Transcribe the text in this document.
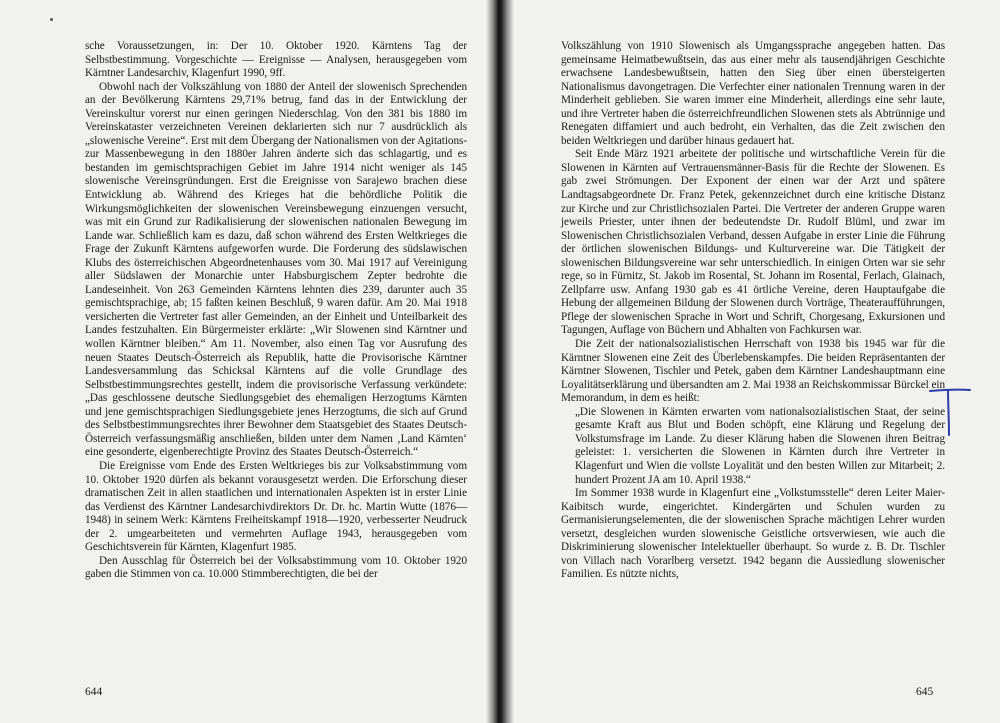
sche Voraussetzungen, in: Der 10. Oktober 1920. Kärntens Tag der Selbstbestimmung. Vorgeschichte — Ereignisse — Analysen, herausgegeben vom Kärntner Landesarchiv, Klagenfurt 1990, 9ff.

Obwohl nach der Volkszählung von 1880 der Anteil der slowenisch Sprechenden an der Bevölkerung Kärntens 29,71% betrug, fand das in der Entwicklung der Vereinskultur vorerst nur einen geringen Niederschlag. Von den 381 bis 1880 im Vereinskataster verzeichneten Vereinen deklarierten sich nur 7 ausdrücklich als „slowenische Vereine“. Erst mit dem Übergang der Nationalismen von der Agitations- zur Massenbewegung in den 1880er Jahren änderte sich das schlagartig, und es bestanden im gemischtsprachigen Gebiet im Jahre 1914 nicht weniger als 145 slowenische Vereinsgründungen. Erst die Ereignisse von Sarajewo brachen diese Entwicklung ab. Während des Krieges hat die behördliche Politik die Wirkungsmöglichkeiten der slowenischen Vereinsbewegung einzuengen versucht, was mit ein Grund zur Radikalisierung der slowenischen nationalen Bewegung im Lande war. Schließlich kam es dazu, daß schon während des Ersten Weltkrieges die Frage der Zukunft Kärntens aufgeworfen wurde. Die Forderung des südslawischen Klubs des österreichischen Abgeordnetenhauses vom 30. Mai 1917 auf Vereinigung aller Südslawen der Monarchie unter Habsburgischem Zepter bedrohte die Landeseinheit. Von 263 Gemeinden Kärntens lehnten dies 239, darunter auch 35 gemischtsprachige, ab; 15 faßten keinen Beschluß, 9 waren dafür. Am 20. Mai 1918 versicherten die Vertreter fast aller Gemeinden, an der Einheit und Unteilbarkeit des Landes festzuhalten. Ein Bürgermeister erklärte: „Wir Slowenen sind Kärntner und wollen Kärntner bleiben.“ Am 11. November, also einen Tag vor Ausrufung des neuen Staates Deutsch-Österreich als Republik, hatte die Provisorische Kärntner Landesversammlung das Schicksal Kärntens auf die volle Grundlage des Selbstbestimmungsrechtes gestellt, indem die provisorische Verfassung verkündete: „Das geschlossene deutsche Siedlungsgebiet des ehemaligen Herzogtums Kärnten und jene gemischtsprachigen Siedlungsgebiete jenes Herzogtums, die sich auf Grund des Selbstbestimmungsrechtes ihrer Bewohner dem Staatsgebiet des Staates Deutsch-Österreich verfassungsmäßig anschließen, bilden unter dem Namen ‚Land Kärnten‘ eine gesonderte, eigenberechtigte Provinz des Staates Deutsch-Österreich.“

Die Ereignisse vom Ende des Ersten Weltkrieges bis zur Volksabstimmung vom 10. Oktober 1920 dürfen als bekannt vorausgesetzt werden. Die Erforschung dieser dramatischen Zeit in allen staatlichen und internationalen Aspekten ist in erster Linie das Verdienst des Kärntner Landesarchivdirektors Dr. Dr. hc. Martin Wutte (1876—1948) in seinem Werk: Kärntens Freiheitskampf 1918—1920, verbesserter Neudruck der 2. umgearbeiteten und vermehrten Auflage 1943, herausgegeben vom Geschichtsverein für Kärnten, Klagenfurt 1985.

Den Ausschlag für Österreich bei der Volksabstimmung vom 10. Oktober 1920 gaben die Stimmen von ca. 10.000 Stimmberechtigten, die bei der

644

Volkszählung von 1910 Slowenisch als Umgangssprache angegeben hatten. Das gemeinsame Heimatbewußtsein, das aus einer mehr als tausendjährigen Geschichte erwachsene Landesbewußtsein, hatten den Sieg über einen übersteigerten Nationalismus davongetragen. Die Verfechter einer nationalen Trennung waren in der Minderheit geblieben. Sie waren immer eine Minderheit, allerdings eine sehr laute, und ihre Vertreter haben die österreichfreundlichen Slowenen stets als Abtrünnige und Renegaten diffamiert und auch bedroht, ein Verhalten, das die Zeit zwischen den beiden Weltkriegen und darüber hinaus gedauert hat.

Seit Ende März 1921 arbeitete der politische und wirtschaftliche Verein für die Slowenen in Kärnten auf Vertrauensmänner-Basis für die Rechte der Slowenen. Es gab zwei Strömungen. Der Exponent der einen war der Arzt und spätere Landtagsabgeordnete Dr. Franz Petek, gekennzeichnet durch eine kritische Distanz zur Kirche und zur Christlichsozialen Partei. Die Vertreter der anderen Gruppe waren jeweils Priester, unter ihnen der bedeutendste Dr. Rudolf Blüml, und zwar im Slowenischen Christlichsozialen Verband, dessen Aufgabe in erster Linie die Führung der örtlichen slowenischen Bildungs- und Kulturvereine war. Die Tätigkeit der slowenischen Bildungsvereine war sehr unterschiedlich. In einigen Orten war sie sehr rege, so in Fürnitz, St. Jakob im Rosental, St. Johann im Rosental, Ferlach, Glainach, Zellpfarre usw. Anfang 1930 gab es 41 örtliche Vereine, deren Hauptaufgabe die Hebung der allgemeinen Bildung der Slowenen durch Vorträge, Theateraufführungen, Pflege der slowenischen Sprache in Wort und Schrift, Chorgesang, Exkursionen und Tagungen, Auflage von Büchern und Abhalten von Fachkursen war.

Die Zeit der nationalsozialistischen Herrschaft von 1938 bis 1945 war für die Kärntner Slowenen eine Zeit des Überlebenskampfes. Die beiden Repräsentanten der Kärntner Slowenen, Tischler und Petek, gaben dem Kärntner Landeshauptmann eine Loyalitätserklärung und übersandten am 2. Mai 1938 an Reichskommissar Bürckel ein Memorandum, in dem es heißt:

„Die Slowenen in Kärnten erwarten vom nationalsozialistischen Staat, der seine gesamte Kraft aus Blut und Boden schöpft, eine Klärung und Regelung der Volkstumsfrage im Lande. Zu dieser Klärung haben die Slowenen ihren Beitrag geleistet: 1. versicherten die Slowenen in Kärnten durch ihre Vertreter in Klagenfurt und Wien die vollste Loyalität und den besten Willen zur Mitarbeit; 2. hundert Prozent JA am 10. April 1938.“

Im Sommer 1938 wurde in Klagenfurt eine „Volkstumsstelle“ deren Leiter Maier-Kaibitsch wurde, eingerichtet. Kindergärten und Schulen wurden zu Germanisierungselementen, die der slowenischen Sprache mächtigen Lehrer wurden versetzt, desgleichen wurden slowenische Geistliche ortsverwiesen, wie auch die Diskriminierung slowenischer Intelektueller überhaupt. So wurde z. B. Dr. Tischler von Villach nach Vorarlberg versetzt. 1942 begann die Aussiedlung slowenischer Familien. Es nützte nichts,

645
